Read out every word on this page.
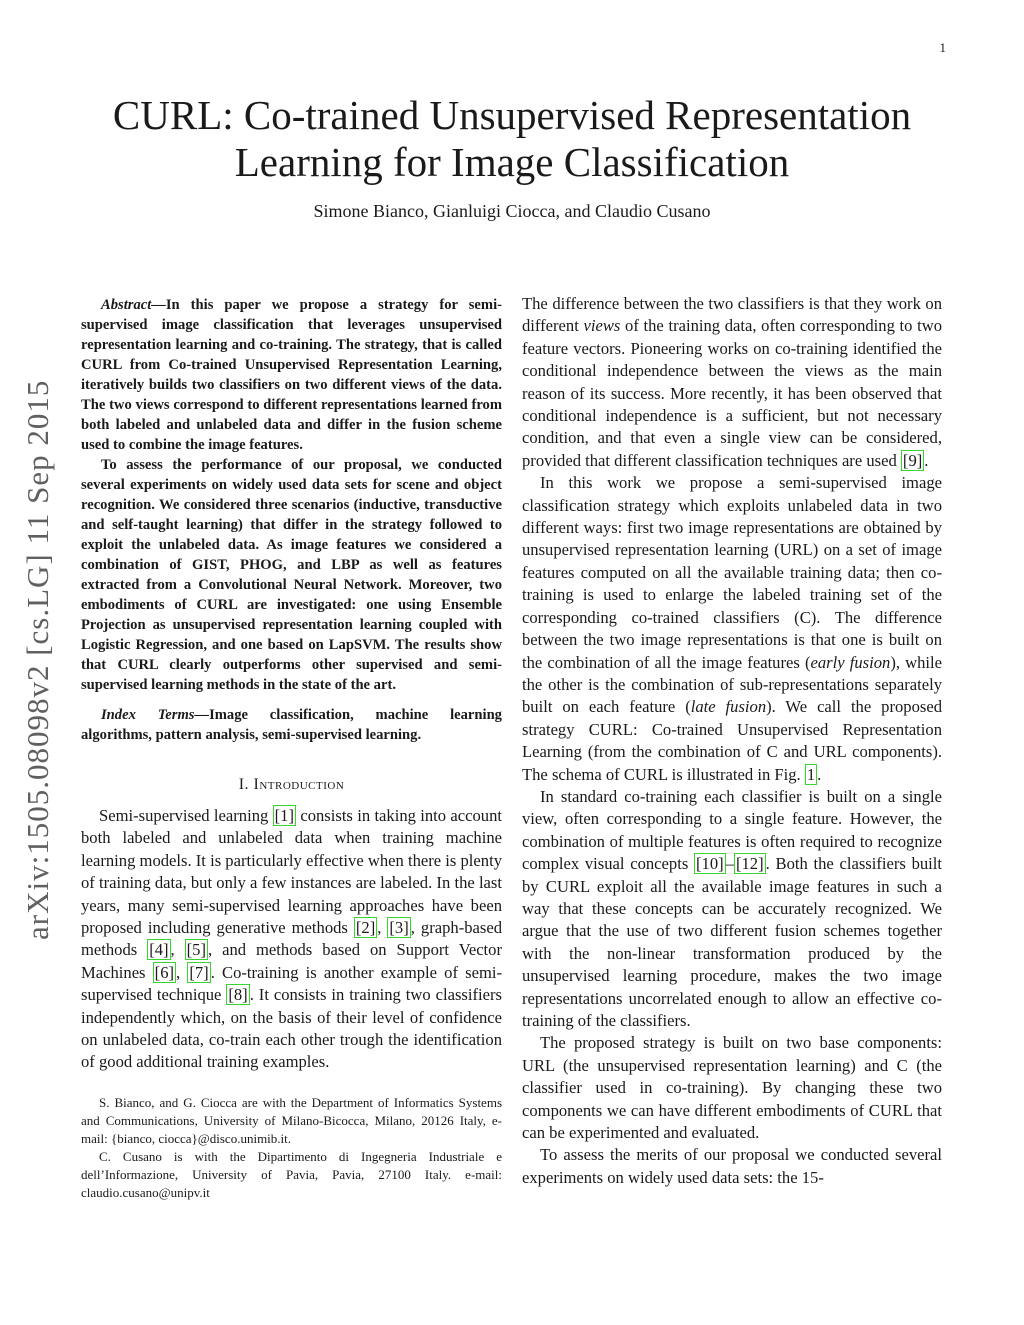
1
arXiv:1505.08098v2 [cs.LG] 11 Sep 2015
CURL: Co-trained Unsupervised Representation Learning for Image Classification
Simone Bianco, Gianluigi Ciocca, and Claudio Cusano

Abstract—In this paper we propose a strategy for semi-supervised image classification that leverages unsupervised representation learning and co-training. The strategy, that is called CURL from Co-trained Unsupervised Representation Learning, iteratively builds two classifiers on two different views of the data. The two views correspond to different representations learned from both labeled and unlabeled data and differ in the fusion scheme used to combine the image features.

To assess the performance of our proposal, we conducted several experiments on widely used data sets for scene and object recognition. We considered three scenarios (inductive, transductive and self-taught learning) that differ in the strategy followed to exploit the unlabeled data. As image features we considered a combination of GIST, PHOG, and LBP as well as features extracted from a Convolutional Neural Network. Moreover, two embodiments of CURL are investigated: one using Ensemble Projection as unsupervised representation learning coupled with Logistic Regression, and one based on LapSVM. The results show that CURL clearly outperforms other supervised and semi-supervised learning methods in the state of the art.

Index Terms—Image classification, machine learning algorithms, pattern analysis, semi-supervised learning.

I. Introduction

Semi-supervised learning [1] consists in taking into account both labeled and unlabeled data when training machine learning models. It is particularly effective when there is plenty of training data, but only a few instances are labeled. In the last years, many semi-supervised learning approaches have been proposed including generative methods [2] , [3] , graph-based methods [4] , [5] , and methods based on Support Vector Machines [6] , [7] . Co-training is another example of semi-supervised technique [8] . It consists in training two classifiers independently which, on the basis of their level of confidence on unlabeled data, co-train each other trough the identification of good additional training examples.

S. Bianco, and G. Ciocca are with the Department of Informatics Systems and Communications, University of Milano-Bicocca, Milano, 20126 Italy, e-mail: {bianco, ciocca}@disco.unimib.it.

C. Cusano is with the Dipartimento di Ingegneria Industriale e dell’Informazione, University of Pavia, Pavia, 27100 Italy. e-mail: claudio.cusano@unipv.it

The difference between the two classifiers is that they work on different views of the training data, often corresponding to two feature vectors. Pioneering works on co-training identified the conditional independence between the views as the main reason of its success. More recently, it has been observed that conditional independence is a sufficient, but not necessary condition, and that even a single view can be considered, provided that different classification techniques are used [9] .

In this work we propose a semi-supervised image classification strategy which exploits unlabeled data in two different ways: first two image representations are obtained by unsupervised representation learning (URL) on a set of image features computed on all the available training data; then co-training is used to enlarge the labeled training set of the corresponding co-trained classifiers (C). The difference between the two image representations is that one is built on the combination of all the image features (early fusion), while the other is the combination of sub-representations separately built on each feature (late fusion). We call the proposed strategy CURL: Co-trained Unsupervised Representation Learning (from the combination of C and URL components). The schema of CURL is illustrated in Fig. 1 .

In standard co-training each classifier is built on a single view, often corresponding to a single feature. However, the combination of multiple features is often required to recognize complex visual concepts [10] – [12] . Both the classifiers built by CURL exploit all the available image features in such a way that these concepts can be accurately recognized. We argue that the use of two different fusion schemes together with the non-linear transformation produced by the unsupervised learning procedure, makes the two image representations uncorrelated enough to allow an effective co-training of the classifiers.

The proposed strategy is built on two base components: URL (the unsupervised representation learning) and C (the classifier used in co-training). By changing these two components we can have different embodiments of CURL that can be experimented and evaluated.

To assess the merits of our proposal we conducted several experiments on widely used data sets: the 15-
